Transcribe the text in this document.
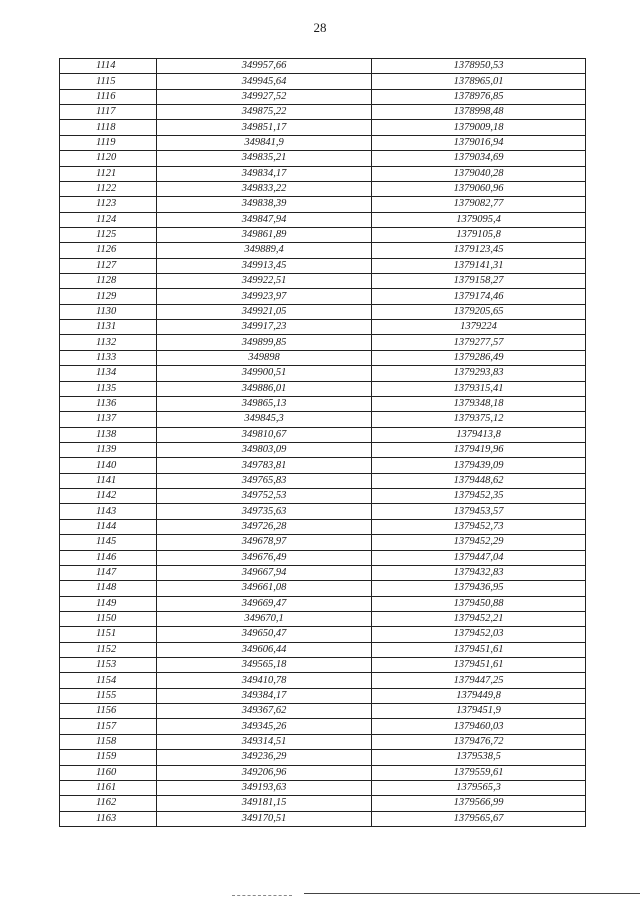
28
1114	349957,66	1378950,53
1115	349945,64	1378965,01
1116	349927,52	1378976,85
1117	349875,22	1378998,48
1118	349851,17	1379009,18
1119	349841,9	1379016,94
1120	349835,21	1379034,69
1121	349834,17	1379040,28
1122	349833,22	1379060,96
1123	349838,39	1379082,77
1124	349847,94	1379095,4
1125	349861,89	1379105,8
1126	349889,4	1379123,45
1127	349913,45	1379141,31
1128	349922,51	1379158,27
1129	349923,97	1379174,46
1130	349921,05	1379205,65
1131	349917,23	1379224
1132	349899,85	1379277,57
1133	349898	1379286,49
1134	349900,51	1379293,83
1135	349886,01	1379315,41
1136	349865,13	1379348,18
1137	349845,3	1379375,12
1138	349810,67	1379413,8
1139	349803,09	1379419,96
1140	349783,81	1379439,09
1141	349765,83	1379448,62
1142	349752,53	1379452,35
1143	349735,63	1379453,57
1144	349726,28	1379452,73
1145	349678,97	1379452,29
1146	349676,49	1379447,04
1147	349667,94	1379432,83
1148	349661,08	1379436,95
1149	349669,47	1379450,88
1150	349670,1	1379452,21
1151	349650,47	1379452,03
1152	349606,44	1379451,61
1153	349565,18	1379451,61
1154	349410,78	1379447,25
1155	349384,17	1379449,8
1156	349367,62	1379451,9
1157	349345,26	1379460,03
1158	349314,51	1379476,72
1159	349236,29	1379538,5
1160	349206,96	1379559,61
1161	349193,63	1379565,3
1162	349181,15	1379566,99
1163	349170,51	1379565,67
